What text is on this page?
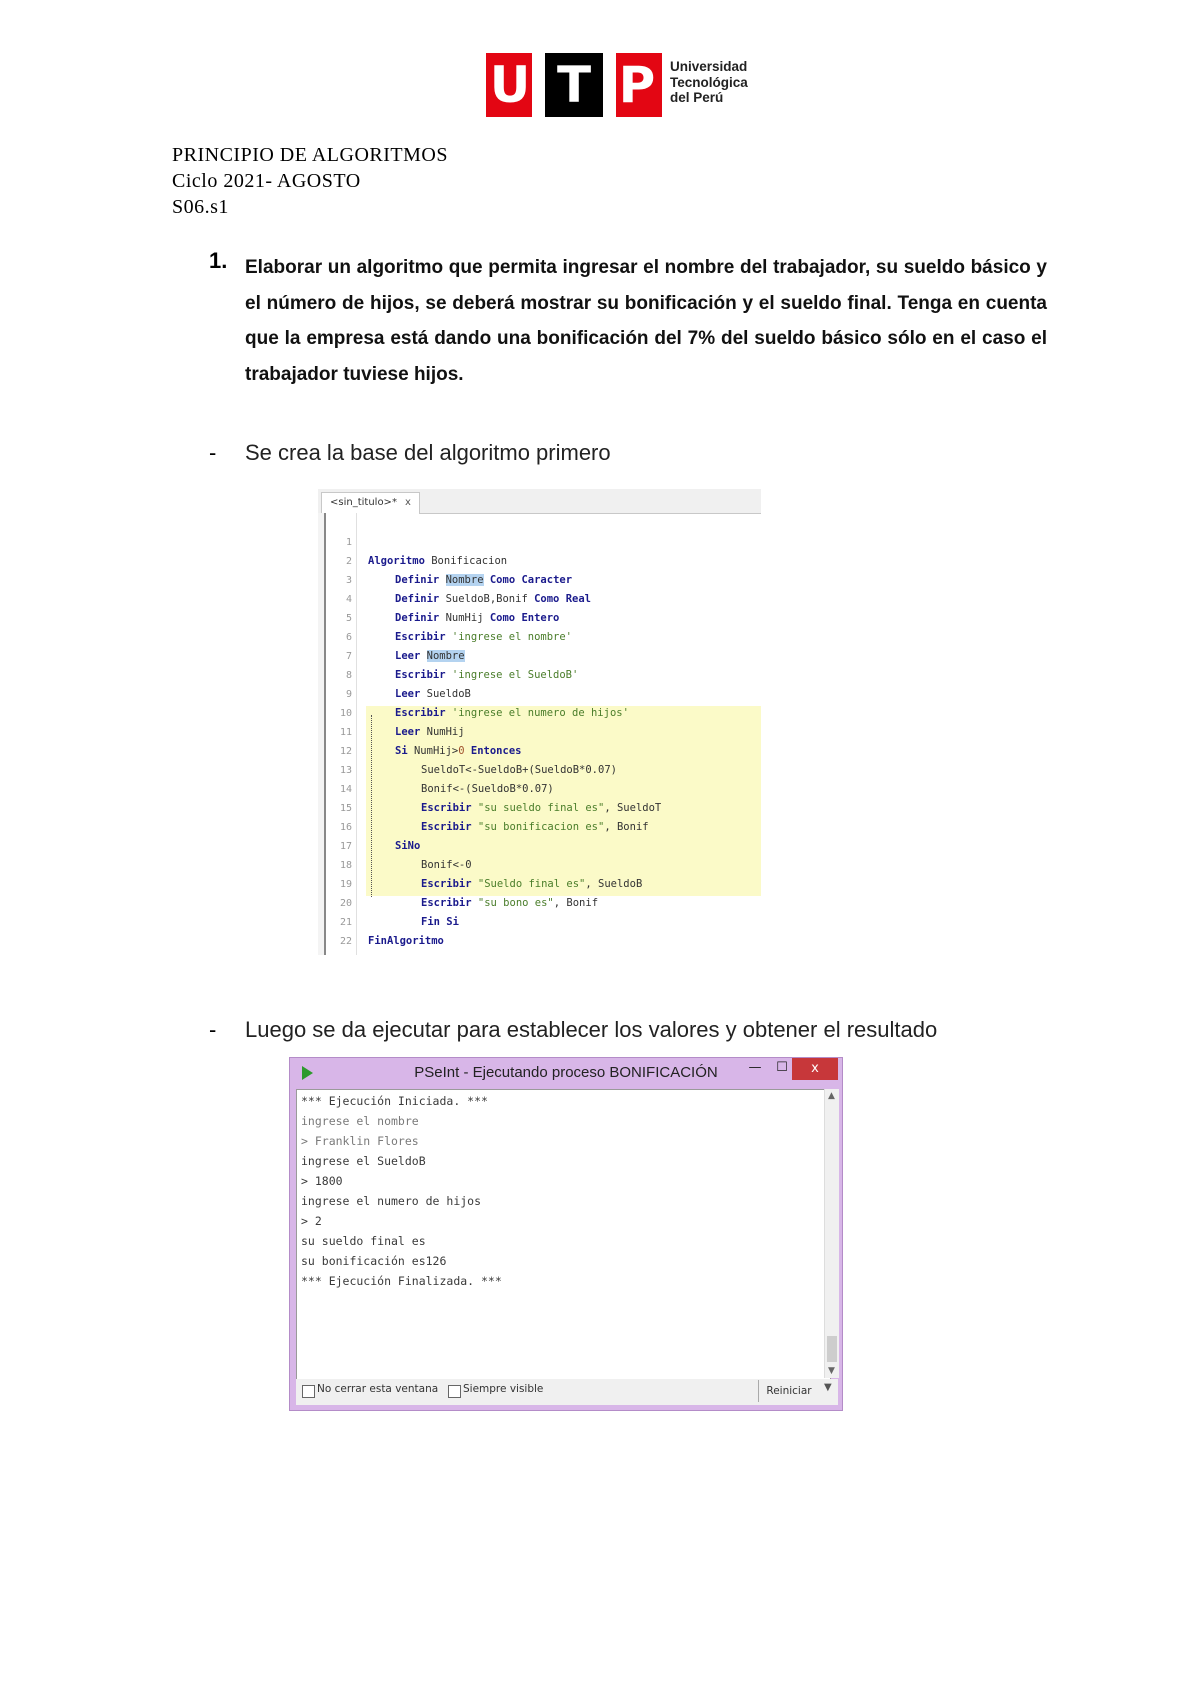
U T P Universidad
Tecnológica
del Perú
PRINCIPIO DE ALGORITMOS
Ciclo 2021- AGOSTO
S06.s1
1. Elaborar un algoritmo que permita ingresar el nombre del trabajador, su sueldo básico y el número de hijos, se deberá mostrar su bonificación y el sueldo final. Tenga en cuenta que la empresa está dando una bonificación del 7% del sueldo básico sólo en el caso el trabajador tuviese hijos.
- Se crea la base del algoritmo primero
<sin_titulo>* x

1

Algoritmo Bonificacion

2

Definir Nombre Como Caracter

3

Definir SueldoB,Bonif Como Real

4

Definir NumHij Como Entero

5

Escribir 'ingrese el nombre'

6

Leer Nombre

7

Escribir 'ingrese el SueldoB'

8

Leer SueldoB

9

Escribir 'ingrese el numero de hijos'

10

Leer NumHij

11

Si NumHij>0 Entonces

12

SueldoT<-SueldoB+(SueldoB*0.07)

13

Bonif<-(SueldoB*0.07)

14

Escribir "su sueldo final es", SueldoT

15

Escribir "su bonificacion es", Bonif

16

SiNo

17

Bonif<-0

18

Escribir "Sueldo final es", SueldoB

19

Escribir "su bono es", Bonif

20

Fin Si

21

FinAlgoritmo

22

- Luego se da ejecutar para establecer los valores y obtener el resultado
PSeInt - Ejecutando proceso BONIFICACIÓN	—	☐	x
*** Ejecución Iniciada. ***
ingrese el nombre
> Franklin Flores
ingrese el SueldoB
> 1800
ingrese el numero de hijos
> 2
su sueldo final es
su bonificación es126
*** Ejecución Finalizada. ***
▲
▼
No cerrar esta ventana Siempre visible	Reiniciar	▼
